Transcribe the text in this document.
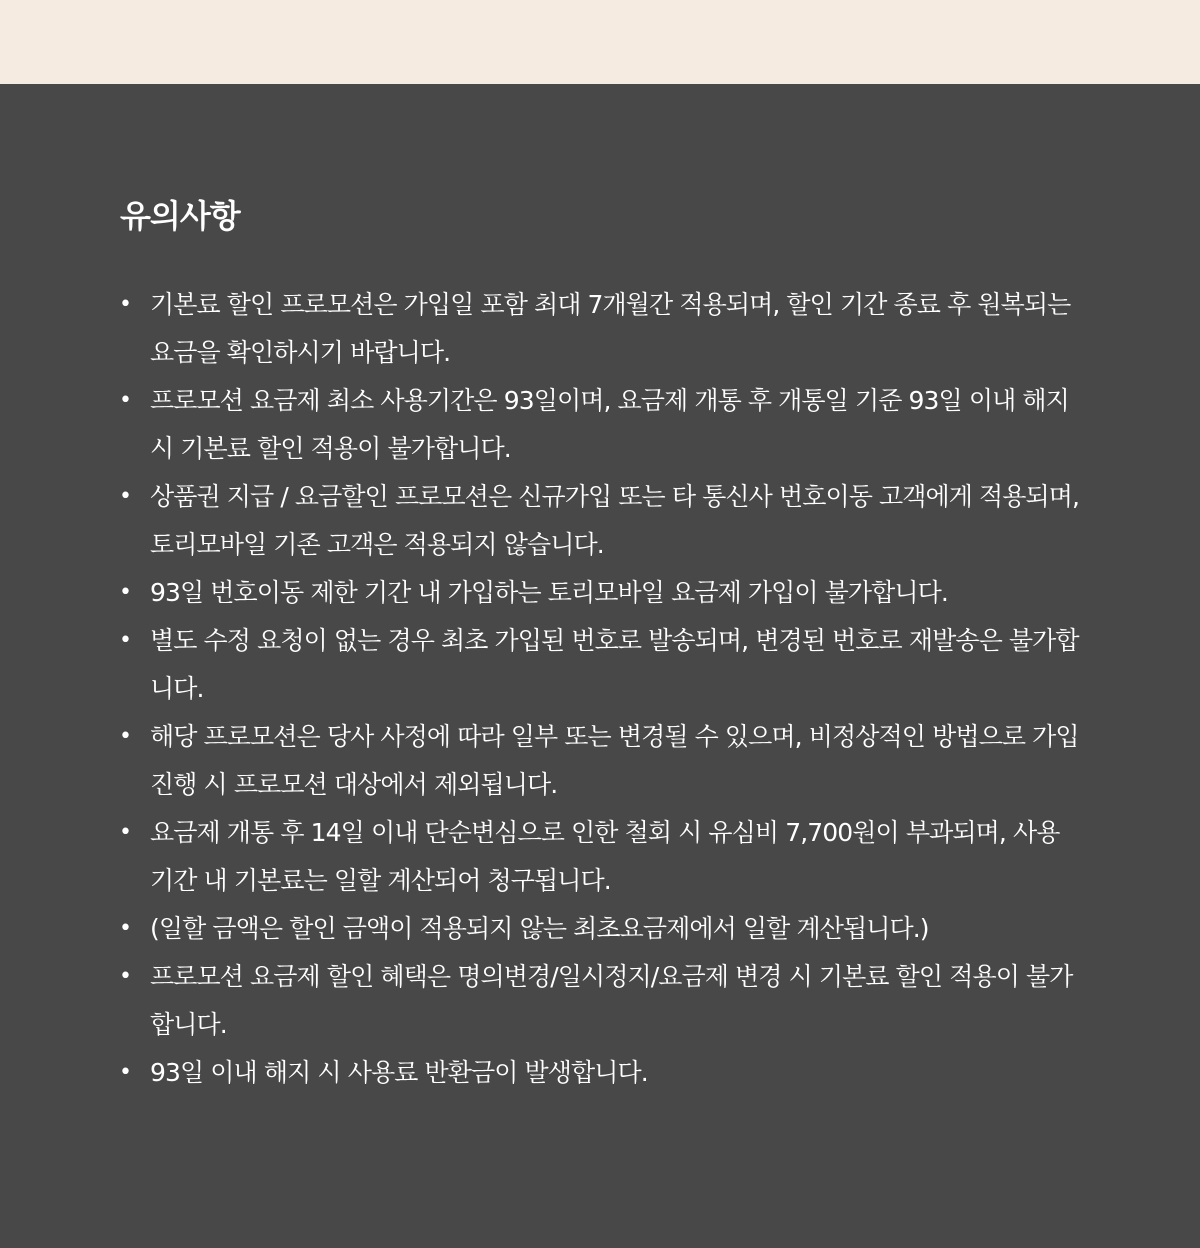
유의사항
• 기본료 할인 프로모션은 가입일 포함 최대 7개월간 적용되며, 할인 기간 종료 후 원복되는 요금을 확인하시기 바랍니다.
• 프로모션 요금제 최소 사용기간은 93일이며, 요금제 개통 후 개통일 기준 93일 이내 해지 시 기본료 할인 적용이 불가합니다.
• 상품권 지급 / 요금할인 프로모션은 신규가입 또는 타 통신사 번호이동 고객에게 적용되며, 토리모바일 기존 고객은 적용되지 않습니다.
• 93일 번호이동 제한 기간 내 가입하는 토리모바일 요금제 가입이 불가합니다.
• 별도 수정 요청이 없는 경우 최초 가입된 번호로 발송되며, 변경된 번호로 재발송은 불가합니다.
• 해당 프로모션은 당사 사정에 따라 일부 또는 변경될 수 있으며, 비정상적인 방법으로 가입 진행 시 프로모션 대상에서 제외됩니다.
• 요금제 개통 후 14일 이내 단순변심으로 인한 철회 시 유심비 7,700원이 부과되며, 사용기간 내 기본료는 일할 계산되어 청구됩니다.
• (일할 금액은 할인 금액이 적용되지 않는 최초요금제에서 일할 계산됩니다.)
• 프로모션 요금제 할인 혜택은 명의변경/일시정지/요금제 변경 시 기본료 할인 적용이 불가합니다.
• 93일 이내 해지 시 사용료 반환금이 발생합니다.
